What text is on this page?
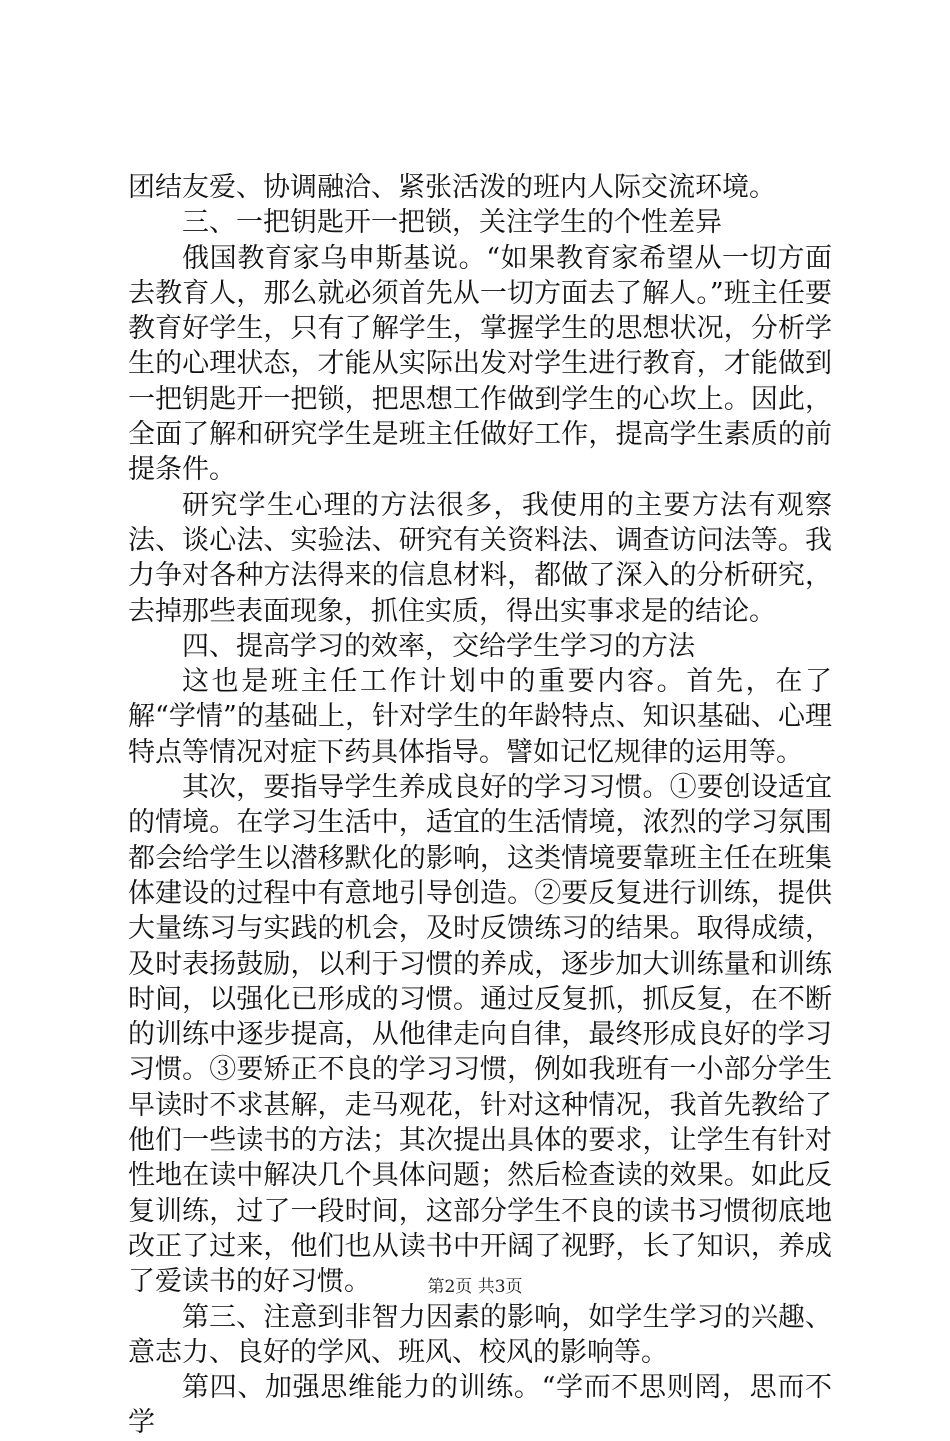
团结友爱、协调融洽、紧张活泼的班内人际交流环境。

三、一把钥匙开一把锁，关注学生的个性差异

俄国教育家乌申斯基说。“如果教育家希望从一切方面去教育人，那么就必须首先从一切方面去了解人。”班主任要教育好学生，只有了解学生，掌握学生的思想状况，分析学生的心理状态，才能从实际出发对学生进行教育，才能做到一把钥匙开一把锁，把思想工作做到学生的心坎上。因此，全面了解和研究学生是班主任做好工作，提高学生素质的前提条件。

研究学生心理的方法很多，我使用的主要方法有观察法、谈心法、实验法、研究有关资料法、调查访问法等。我力争对各种方法得来的信息材料，都做了深入的分析研究，去掉那些表面现象，抓住实质，得出实事求是的结论。

四、提高学习的效率，交给学生学习的方法

这也是班主任工作计划中的重要内容。首先，在了解“学情”的基础上，针对学生的年龄特点、知识基础、心理特点等情况对症下药具体指导。譬如记忆规律的运用等。

其次，要指导学生养成良好的学习习惯。①要创设适宜的情境。在学习生活中，适宜的生活情境，浓烈的学习氛围都会给学生以潜移默化的影响，这类情境要靠班主任在班集体建设的过程中有意地引导创造。②要反复进行训练，提供大量练习与实践的机会，及时反馈练习的结果。取得成绩，及时表扬鼓励，以利于习惯的养成，逐步加大训练量和训练时间，以强化已形成的习惯。通过反复抓，抓反复，在不断的训练中逐步提高，从他律走向自律，最终形成良好的学习习惯。③要矫正不良的学习习惯，例如我班有一小部分学生早读时不求甚解，走马观花，针对这种情况，我首先教给了他们一些读书的方法；其次提出具体的要求，让学生有针对性地在读中解决几个具体问题；然后检查读的效果。如此反复训练，过了一段时间，这部分学生不良的读书习惯彻底地改正了过来，他们也从读书中开阔了视野，长了知识，养成了爱读书的好习惯。

第三、注意到非智力因素的影响，如学生学习的兴趣、意志力、良好的学风、班风、校风的影响等。

第四、加强思维能力的训练。“学而不思则罔，思而不学

第2页 共3页
